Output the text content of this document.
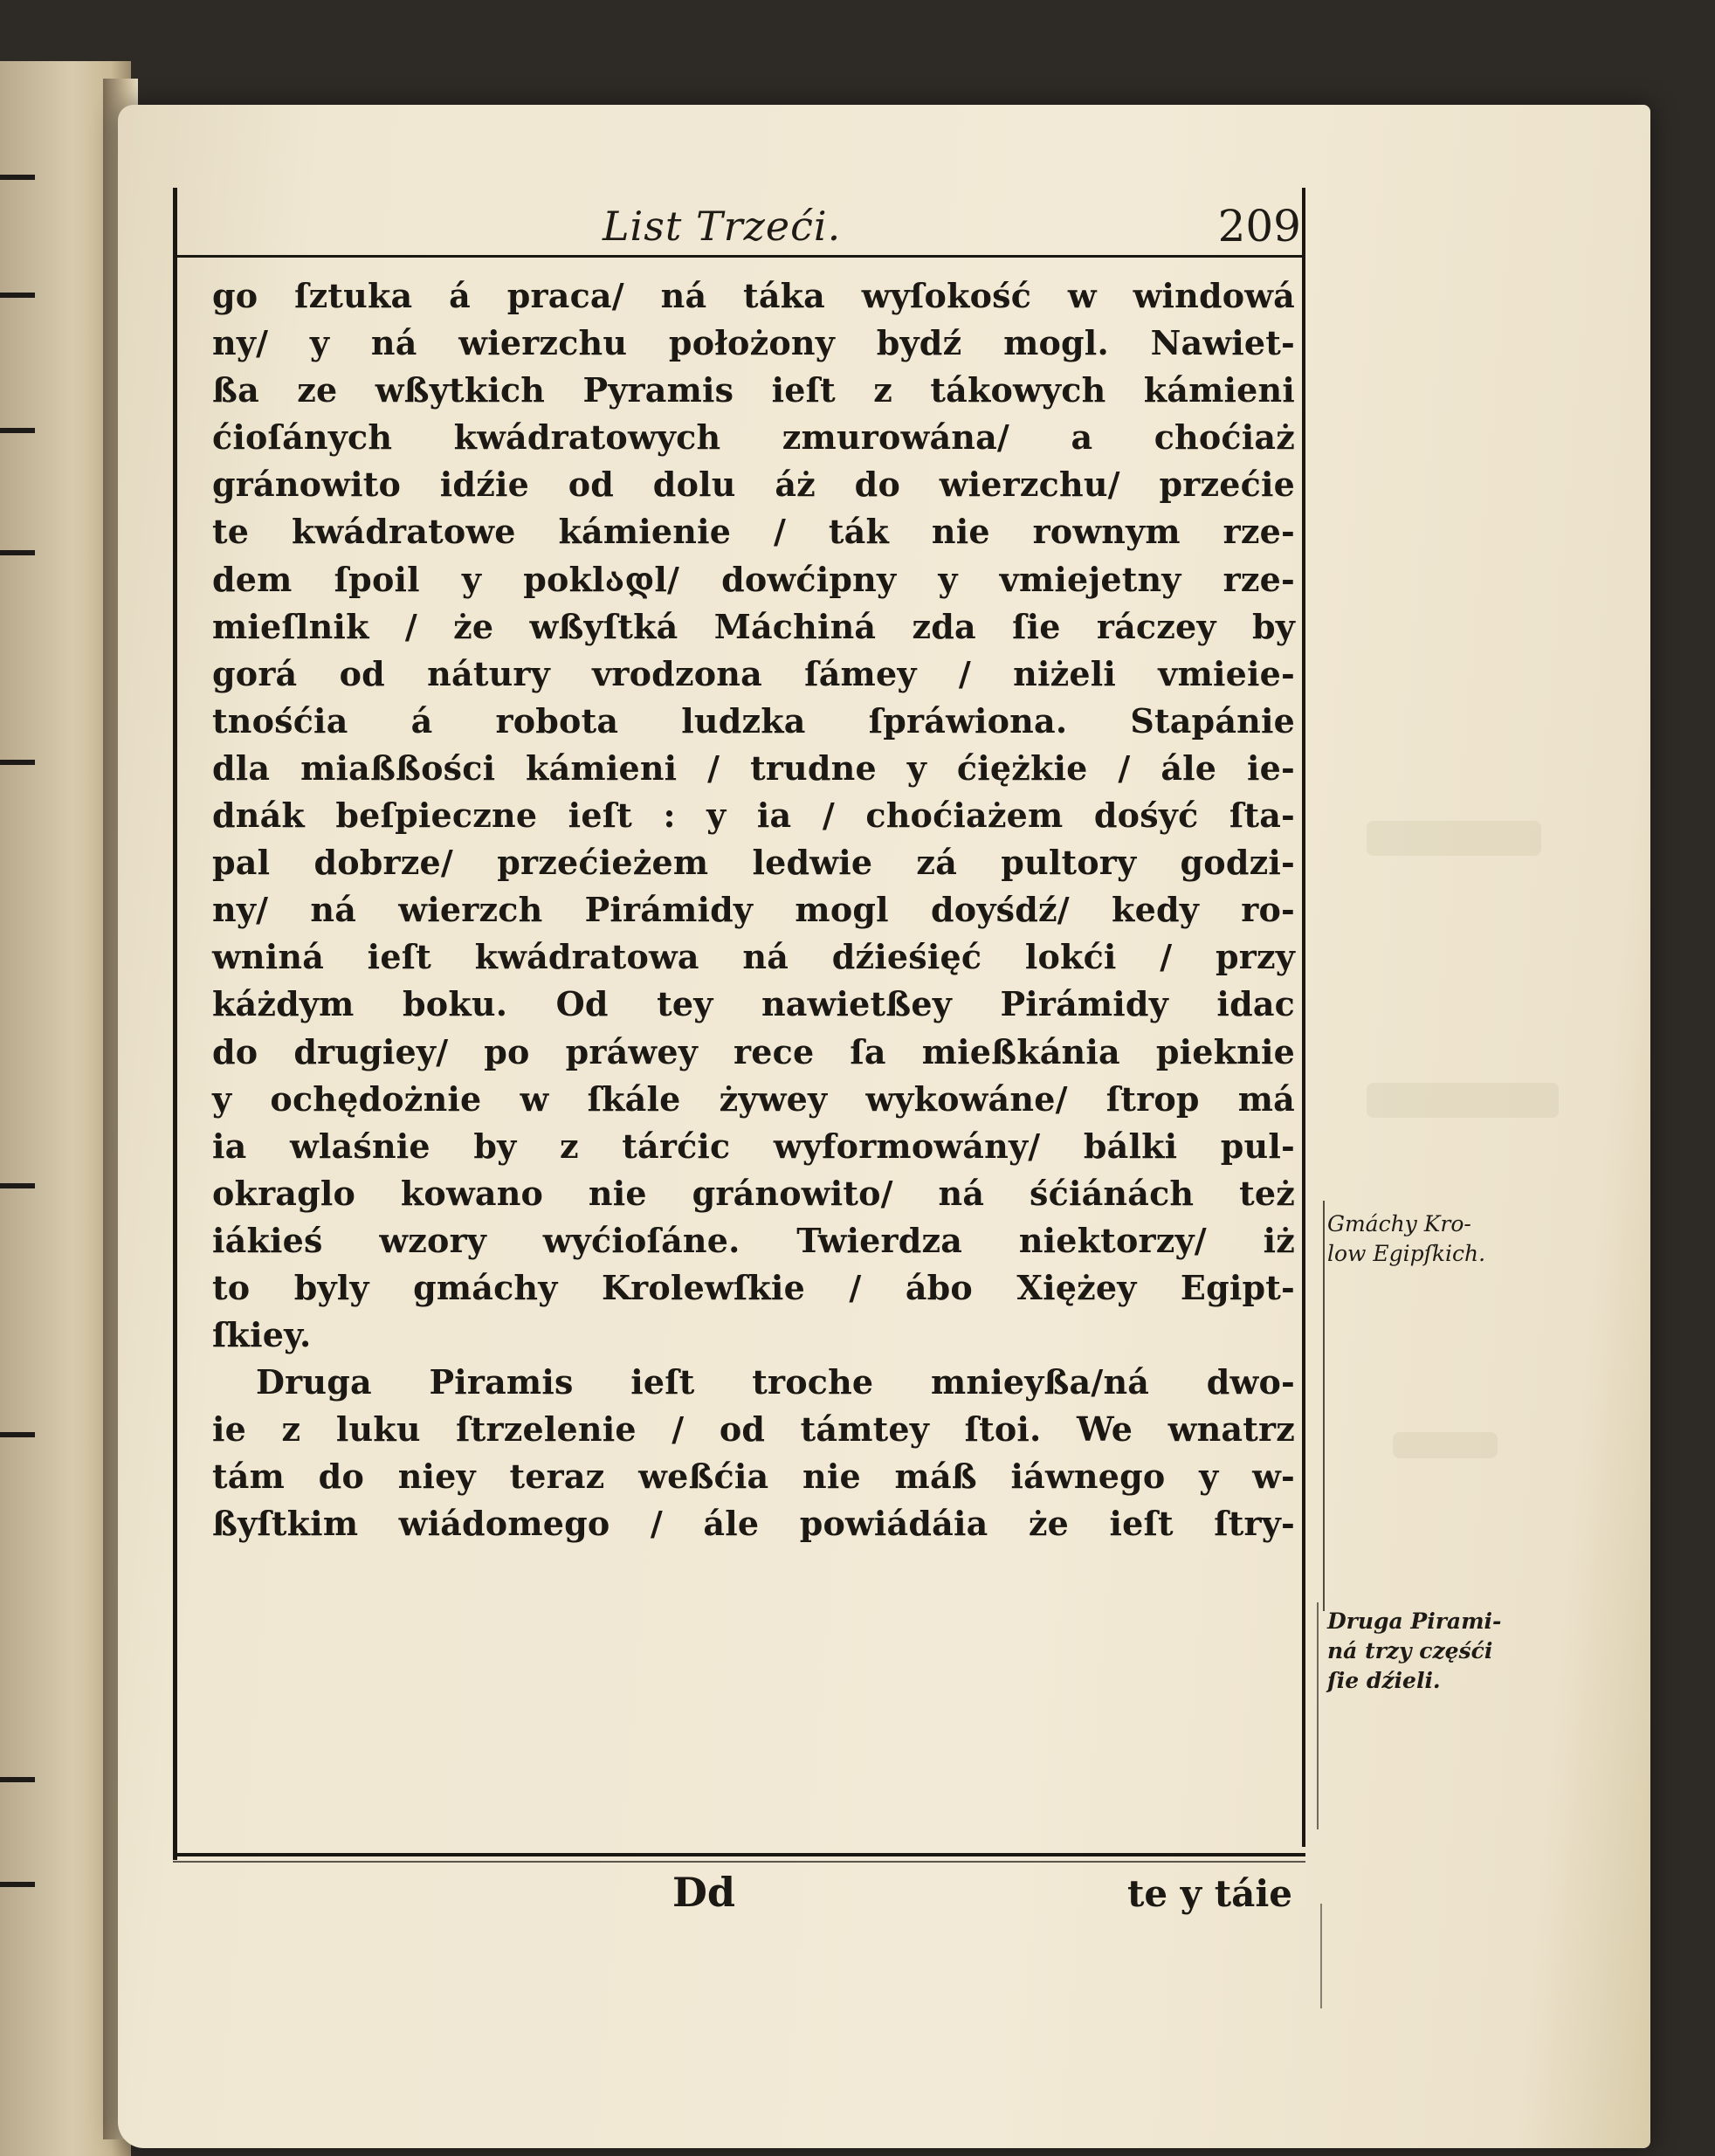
List Trzeći.	209
go ſztuka á praca/ ná táka wyſokość w windowá
ny/ y ná wierzchu położony bydź mogl. Nawiet-
ßa ze wßytkich Pyramis ieſt z tákowych kámieni
ćioſánych kwádratowych zmurowána/ a choćiaż
gránowito idźie od dolu áż do wierzchu/ przećie
te kwádratowe kámienie / ták nie rownym rze-
dem ſpoil y poklადl/ dowćipny y vmiejetny rze-
mieſlnik / że wßyſtká Máchiná zda ſie ráczey by
gorá od nátury vrodzona ſámey / niżeli vmieie-
tnośćia á robota ludzka ſpráwiona. Stapánie
dla miaßßości kámieni / trudne y ćiężkie / ále ie-
dnák beſpieczne ieſt : y ia / choćiażem dośyć ſta-
pal dobrze/ przećieżem ledwie zá pultory godzi-
ny/ ná wierzch Pirámidy mogl doyśdź/ kedy ro-
wniná ieſt kwádratowa ná dźieśięć lokći / przy
káżdym boku. Od tey nawietßey Pirámidy idac
do drugiey/ po práwey rece ſa mießkánia pieknie
y ochędożnie w ſkále żywey wykowáne/ ſtrop má
ia wlaśnie by z tárćic wyformowány/ bálki pul-
okraglo kowano nie gránowito/ ná śćiánách też
iákieś wzory wyćioſáne. Twierdza niektorzy/ iż
to byly gmáchy Krolewſkie / ábo Xiężey Egipt-
ſkiey.
Druga Piramis ieſt troche mnieyßa/ná dwo-
ie z luku ſtrzelenie / od támtey ſtoi. We wnatrz
tám do niey teraz weßćia nie máß iáwnego y w-
ßyſtkim wiádomego / ále powiádáia że ieſt ſtry-
Dd	te y táie
Gmáchy Kro-
low Egipſkich.
Druga Pirami-
ná trzy częśći
ſie dźieli.
